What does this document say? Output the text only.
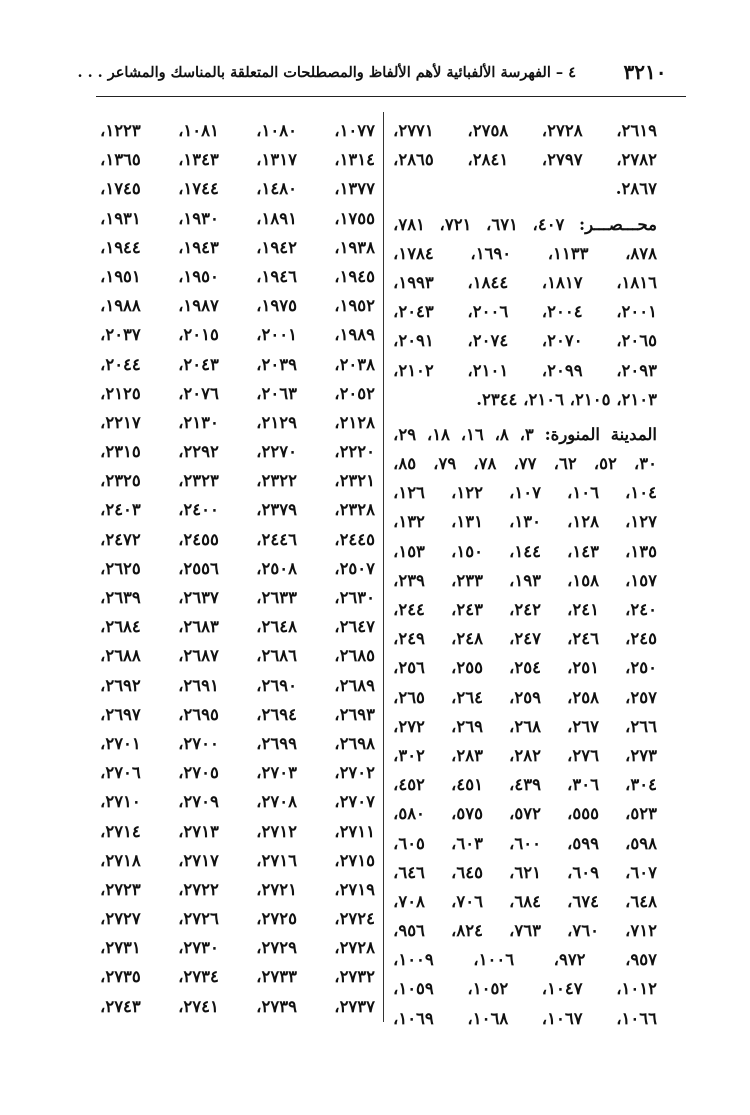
٣٢١٠
٤ – الفهرسة الألفبائية لأهم الألفاظ والمصطلحات المتعلقة بالمناسك والمشاعر . . .
٢٦١٩، ٢٧٢٨، ٢٧٥٨، ٢٧٧١،
٢٧٨٢، ٢٧٩٧، ٢٨٤١، ٢٨٦٥،
٢٨٦٧.
محـــصـــر: ٤٠٧، ٦٧١، ٧٢١، ٧٨١،
٨٧٨، ١١٣٣، ١٦٩٠، ١٧٨٤،
١٨١٦، ١٨١٧، ١٨٤٤، ١٩٩٣،
٢٠٠١، ٢٠٠٤، ٢٠٠٦، ٢٠٤٣،
٢٠٦٥، ٢٠٧٠، ٢٠٧٤، ٢٠٩١،
٢٠٩٣، ٢٠٩٩، ٢١٠١، ٢١٠٢،
٢١٠٣، ٢١٠٥، ٢١٠٦، ٢٣٤٤.
المدينة المنورة: ٣، ٨، ١٦، ١٨، ٢٩،
٣٠، ٥٢، ٦٢، ٧٧، ٧٨، ٧٩، ٨٥،
١٠٤، ١٠٦، ١٠٧، ١٢٢، ١٢٦،
١٢٧، ١٢٨، ١٣٠، ١٣١، ١٣٢،
١٣٥، ١٤٣، ١٤٤، ١٥٠، ١٥٣،
١٥٧، ١٥٨، ١٩٣، ٢٣٣، ٢٣٩،
٢٤٠، ٢٤١، ٢٤٢، ٢٤٣، ٢٤٤،
٢٤٥، ٢٤٦، ٢٤٧، ٢٤٨، ٢٤٩،
٢٥٠، ٢٥١، ٢٥٤، ٢٥٥، ٢٥٦،
٢٥٧، ٢٥٨، ٢٥٩، ٢٦٤، ٢٦٥،
٢٦٦، ٢٦٧، ٢٦٨، ٢٦٩، ٢٧٢،
٢٧٣، ٢٧٦، ٢٨٢، ٢٨٣، ٣٠٢،
٣٠٤، ٣٠٦، ٤٣٩، ٤٥١، ٤٥٢،
٥٢٣، ٥٥٥، ٥٧٢، ٥٧٥، ٥٨٠،
٥٩٨، ٥٩٩، ٦٠٠، ٦٠٣، ٦٠٥،
٦٠٧، ٦٠٩، ٦٢١، ٦٤٥، ٦٤٦،
٦٤٨، ٦٧٤، ٦٨٤، ٧٠٦، ٧٠٨،
٧١٢، ٧٦٠، ٧٦٣، ٨٢٤، ٩٥٦،
٩٥٧، ٩٧٢، ١٠٠٦، ١٠٠٩،
١٠١٢، ١٠٤٧، ١٠٥٢، ١٠٥٩،
١٠٦٦، ١٠٦٧، ١٠٦٨، ١٠٦٩،
١٠٧٧، ١٠٨٠، ١٠٨١، ١٢٢٣،
١٣١٤، ١٣١٧، ١٣٤٣، ١٣٦٥،
١٣٧٧، ١٤٨٠، ١٧٤٤، ١٧٤٥،
١٧٥٥، ١٨٩١، ١٩٣٠، ١٩٣١،
١٩٣٨، ١٩٤٢، ١٩٤٣، ١٩٤٤،
١٩٤٥، ١٩٤٦، ١٩٥٠، ١٩٥١،
١٩٥٢، ١٩٧٥، ١٩٨٧، ١٩٨٨،
١٩٨٩، ٢٠٠١، ٢٠١٥، ٢٠٣٧،
٢٠٣٨، ٢٠٣٩، ٢٠٤٣، ٢٠٤٤،
٢٠٥٢، ٢٠٦٣، ٢٠٧٦، ٢١٢٥،
٢١٢٨، ٢١٢٩، ٢١٣٠، ٢٢١٧،
٢٢٢٠، ٢٢٧٠، ٢٢٩٢، ٢٣١٥،
٢٣٢١، ٢٣٢٢، ٢٣٢٣، ٢٣٢٥،
٢٣٢٨، ٢٣٧٩، ٢٤٠٠، ٢٤٠٣،
٢٤٤٥، ٢٤٤٦، ٢٤٥٥، ٢٤٧٢،
٢٥٠٧، ٢٥٠٨، ٢٥٥٦، ٢٦٢٥،
٢٦٣٠، ٢٦٣٣، ٢٦٣٧، ٢٦٣٩،
٢٦٤٧، ٢٦٤٨، ٢٦٨٣، ٢٦٨٤،
٢٦٨٥، ٢٦٨٦، ٢٦٨٧، ٢٦٨٨،
٢٦٨٩، ٢٦٩٠، ٢٦٩١، ٢٦٩٢،
٢٦٩٣، ٢٦٩٤، ٢٦٩٥، ٢٦٩٧،
٢٦٩٨، ٢٦٩٩، ٢٧٠٠، ٢٧٠١،
٢٧٠٢، ٢٧٠٣، ٢٧٠٥، ٢٧٠٦،
٢٧٠٧، ٢٧٠٨، ٢٧٠٩، ٢٧١٠،
٢٧١١، ٢٧١٢، ٢٧١٣، ٢٧١٤،
٢٧١٥، ٢٧١٦، ٢٧١٧، ٢٧١٨،
٢٧١٩، ٢٧٢١، ٢٧٢٢، ٢٧٢٣،
٢٧٢٤، ٢٧٢٥، ٢٧٢٦، ٢٧٢٧،
٢٧٢٨، ٢٧٢٩، ٢٧٣٠، ٢٧٣١،
٢٧٣٢، ٢٧٣٣، ٢٧٣٤، ٢٧٣٥،
٢٧٣٧، ٢٧٣٩، ٢٧٤١، ٢٧٤٣،
